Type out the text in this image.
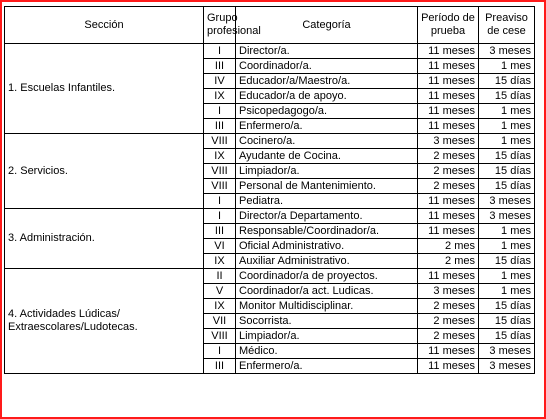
Sección	Grupo profesional	Categoría	Período de prueba	Preaviso de cese
1. Escuelas Infantiles.	I	Director/a.	11 meses	3 meses
	III	Coordinador/a.	11 meses	1 mes
	IV	Educador/a/Maestro/a.	11 meses	15 días
	IX	Educador/a de apoyo.	11 meses	15 días
	I	Psicopedagogo/a.	11 meses	1 mes
	III	Enfermero/a.	11 meses	1 mes
2. Servicios.	VIII	Cocinero/a.	3 meses	1 mes
	IX	Ayudante de Cocina.	2 meses	15 días
	VIII	Limpiador/a.	2 meses	15 días
	VIII	Personal de Mantenimiento.	2 meses	15 días
	I	Pediatra.	11 meses	3 meses
3. Administración.	I	Director/a Departamento.	11 meses	3 meses
	III	Responsable/Coordinador/a.	11 meses	1 mes
	VI	Oficial Administrativo.	2 mes	1 mes
	IX	Auxiliar Administrativo.	2 mes	15 días
4. Actividades Lúdicas/ Extraescolares/Ludotecas.	II	Coordinador/a de proyectos.	11 meses	1 mes
	V	Coordinador/a act. Ludicas.	3 meses	1 mes
	IX	Monitor Multidisciplinar.	2 meses	15 días
	VII	Socorrista.	2 meses	15 días
	VIII	Limpiador/a.	2 meses	15 días
	I	Médico.	11 meses	3 meses
	III	Enfermero/a.	11 meses	3 meses
